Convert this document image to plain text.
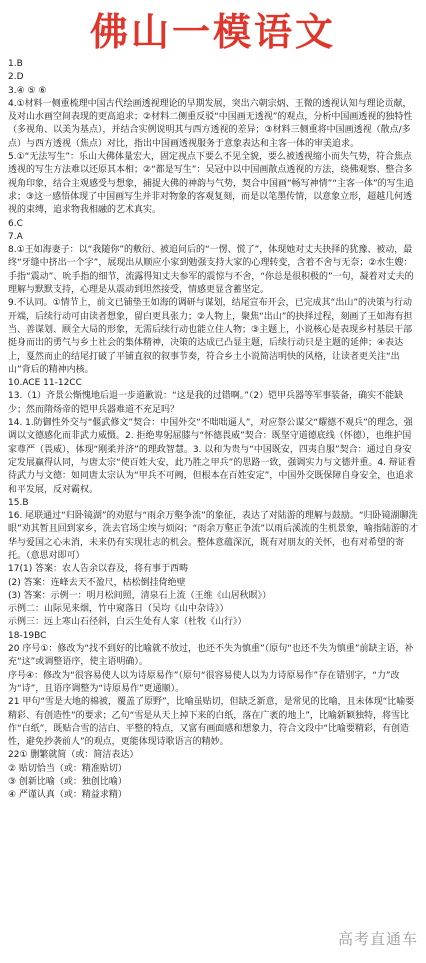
佛山一模语文
1.B
2.D
3.④ ⑤ ⑥
4.①材料一侧重梳理中国古代绘画透视理论的早期发展，突出六朝宗炳、王微的透视认知与理论贡献，及对山水画空间表现的更高追求；②材料二侧重反驳“中国画无透视”的观点，分析中国画透视的独特性（多视角、以美为基点），并结合实例说明其与西方透视的差异；③材料三侧重将中国画透视（散点/多点）与西方透视（焦点）对比，指出中国画透视服务于意象表达和主客一体的审美追求。
5.①“无法写生”：乐山大佛体量宏大，固定视点下要么不见全貌，要么被透视缩小而失气势，符合焦点透视的写生方法难以还原其本相；②“都是写生”：吴冠中以中国画散点透视的方法，绕佛观察、整合多视角印象，结合主观感受与想象，捕捉大佛的神韵与气势，契合中国画“畅写神情”“主客一体”的写生追求；③这一感悟体现了中国画写生并非对物象的客观复刻，而是以笔墨传情，以意象立形，超越几何透视的束缚，追求物我相融的艺术真实。
6.C
7.A
8.①王如海妻子：以“我随你”的敷衍、被追问后的“一愣、慌了”，体现她对丈夫抉择的犹豫、被动，最终“牙缝中挤出一个字”，展现出从顺应小家到勉强支持大家的心理转变，含着不舍与无奈；②水生嫂：手指“震动”、吮手指的细节，流露得知丈夫参军的震惊与不舍，“你总是很积极的”一句，凝着对丈夫的理解与默默支持，心理是从震动到坦然接受，情感更显含蓄坚定。
9.不认同。①情节上，前文已铺垫王如海的调研与谋划，结尾宣布开会，已完成其“出山”的决策与行动开端，后续行动可由读者想象，留白更具张力；②人物上，聚焦“出山”的抉择过程，刻画了王如海有担当、善谋划、顾全大局的形象，无需后续行动也能立住人物；③主题上，小说核心是表现乡村基层干部挺身而出的勇气与乡土社会的集体精神，决策的达成已凸显主题，后续行动只是主题的延伸；④表达上，戛然而止的结尾打破了平铺直叙的叙事节奏，符合乡土小说简洁明快的风格，让读者更关注“出山”背后的精神内核。
10.ACE 11-12CC
13.（1）齐景公惭愧地后退一步道歉说：“这是我的过错啊。”（2）铠甲兵器等军事装备，确实不能缺少；然而隋炀帝的铠甲兵器难道不充足吗？
14. 1.防御性外交与“偃武修文”契合：中国外交“不咄咄逼人”，对应祭公谋父“耀德不观兵”的理念，强调以文德感化而非武力威慑。2. 拒绝卑躬屈膝与“怀德畏威”契合：既坚守道德底线（怀德），也维护国家尊严（畏威），体现“刚柔并济”的理政智慧。3. 以和为贵与“中国既安，四夷自服”契合：通过自身安定发展赢得认同，与唐太宗“使百姓大安，此乃胜之甲兵”的思路一致，强调实力与文德并重。4. 辩证看待武力与文德：如同唐太宗认为“甲兵不可阙，但根本在百姓安定”，中国外交既保障自身安全，也追求和平发展，反对霸权。
15.B
16. 尾联通过“归卧镜湖”的劝慰与“雨余万壑争流”的象征，表达了对陆游的理解与鼓励。“归卧镜湖聊洗眼”劝其暂且回到家乡，洗去官场尘埃与烦闷；“雨余万壑正争流”以雨后溪流的生机景象，喻指陆游的才华与爱国之心未消，未来仍有实现壮志的机会。整体意蕴深沉，既有对朋友的关怀，也有对希望的寄托。（意思对即可）
17(1) 答案：农人告余以春及，将有事于西畴
(2) 答案：连峰去天不盈尺，枯松倒挂倚绝壁
(3) 答案：示例一：明月松间照，清泉石上流（王维《山居秋暝》）
示例二：山际见来烟，竹中窥落日（吴均《山中杂诗》）
示例三：远上寒山石径斜，白云生处有人家（杜牧《山行》）
18-19BC
20 序号①：修改为“找不到好的比喻就不放过，也还不失为慎重”（原句“也还不失为慎重”前缺主语，补充“这”或调整语序，使主语明确）。
序号④：修改为“很容易使人以为诗原易作”（原句“很容易使人以为力诗原易作”存在错别字，“力”改为“诗”，且语序调整为“诗原易作”更通顺）。
21 甲句“雪是大地的棉被，覆盖了原野”，比喻虽贴切，但缺乏新意，是常见的比喻，且未体现“比喻要精彩、有创造性”的要求；乙句“雪是从天上掉下来的白纸，落在广袤的地上”，比喻新颖独特，将雪比作“白纸”，既贴合雪的洁白、平整的特点，又富有画面感和想象力，符合文段中“比喻要精彩，有创造性，避免抄袭前人”的观点，更能体现诗歌语言的精妙。
22① 删繁就简（或：简洁表达）
② 贴切恰当（或：精准贴切）
③ 创新比喻（或：独创比喻）
④ 严谨认真（或：精益求精）
高考直通车
